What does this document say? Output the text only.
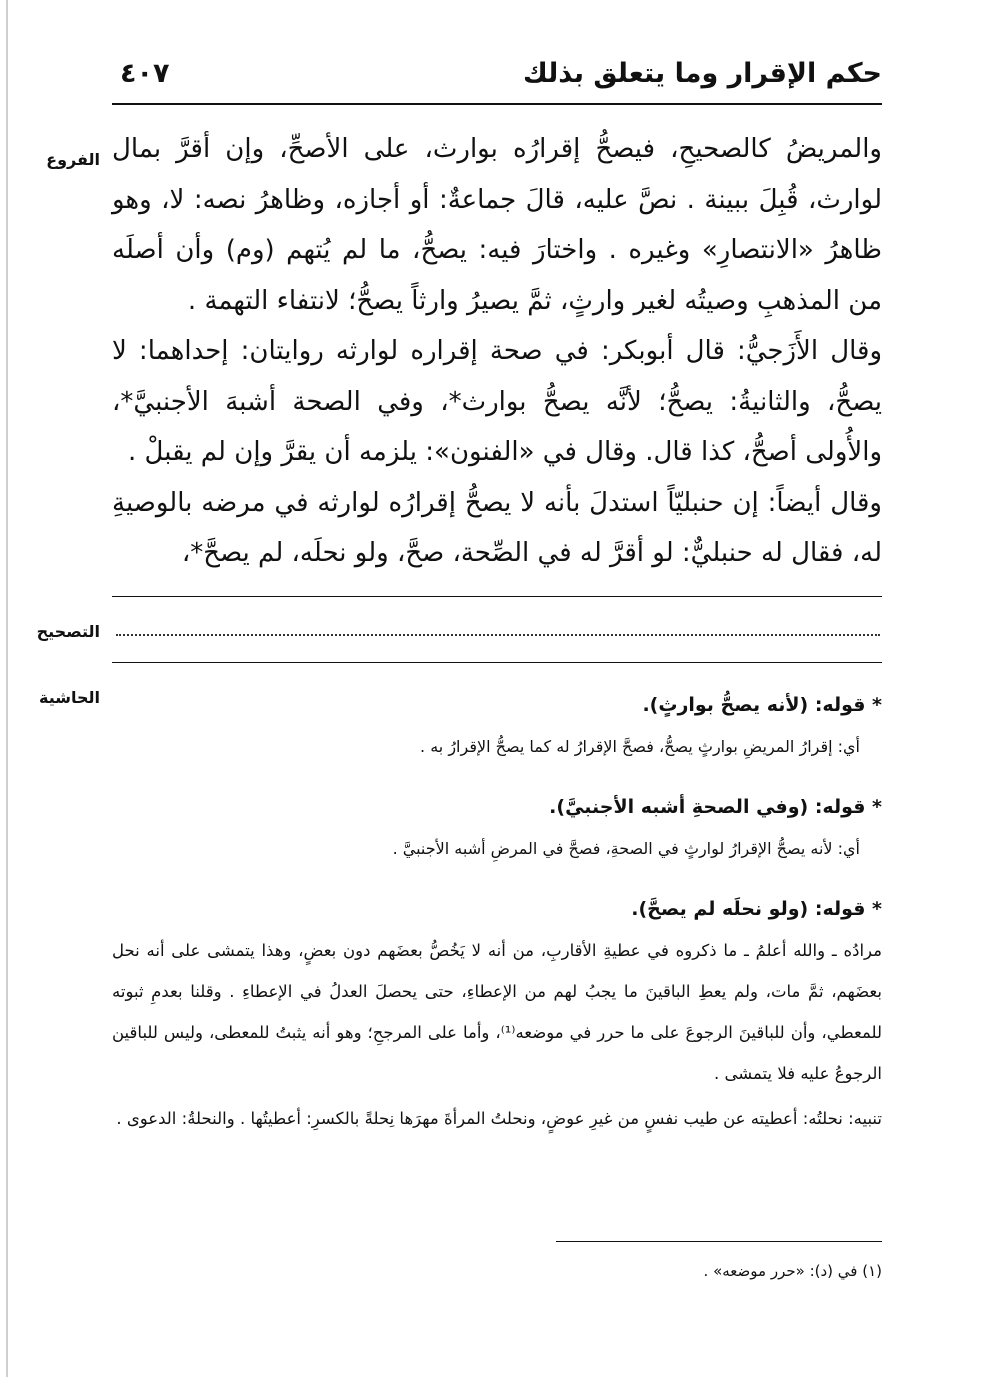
حكم الإقرار وما يتعلق بذلك
٤٠٧
الفروع
التصحيح
الحاشية

والمريضُ كالصحيحِ، فيصحُّ إقرارُه بوارث، على الأصحِّ، وإن أقرَّ بمال لوارث، قُبِلَ ببينة . نصَّ عليه، قالَ جماعةٌ: أو أجازه، وظاهرُ نصه: لا، وهو ظاهرُ «الانتصارِ» وغيره . واختارَ فيه: يصحُّ، ما لم يُتهم (وم) وأن أصلَه من المذهبِ وصيتُه لغير وارثٍ، ثمَّ يصيرُ وارثاً يصحُّ؛ لانتفاء التهمة .

وقال الأَزَجيُّ: قال أبوبكر: في صحة إقراره لوارثه روايتان: إحداهما: لا يصحُّ، والثانيةُ: يصحُّ؛ لأنَّه يصحُّ بوارث*، وفي الصحة أشبهَ الأجنبيَّ*، والأُولى أصحُّ، كذا قال. وقال في «الفنون»: يلزمه أن يقرَّ وإن لم يقبلْ .

وقال أيضاً: إن حنبليّاً استدلَ بأنه لا يصحُّ إقرارُه لوارثه في مرضه بالوصيةِ له، فقال له حنبليٌّ: لو أقرَّ له في الصِّحة، صحَّ، ولو نحلَه، لم يصحَّ*،

* قوله: (لأنه يصحُّ بوارثٍ).

أي: إقرارُ المريضِ بوارثٍ يصحُّ، فصحَّ الإقرارُ له كما يصحُّ الإقرارُ به .

* قوله: (وفي الصحةِ أشبه الأجنبيَّ).

أي: لأنه يصحُّ الإقرارُ لوارثٍ في الصحةِ، فصحَّ في المرضِ أشبه الأجنبيَّ .

* قوله: (ولو نحلَه لم يصحَّ).

مرادُه ـ والله أعلمُ ـ ما ذكروه في عطيةِ الأقاربِ، من أنه لا يَخُصُّ بعضَهم دون بعضٍ، وهذا يتمشى على أنه نحل بعضَهم، ثمَّ مات، ولم يعطِ الباقينَ ما يجبُ لهم من الإعطاءِ، حتى يحصلَ العدلُ في الإعطاءِ . وقلنا بعدمِ ثبوته للمعطي، وأن للباقينَ الرجوعَ على ما حرر في موضعه⁽¹⁾، وأما على المرجحِ؛ وهو أنه يثبتُ للمعطى، وليس للباقين الرجوعُ عليه فلا يتمشى .

تنبيه: نحلتُه: أعطيته عن طيب نفسٍ من غيرِ عوضٍ، ونحلتُ المرأةَ مهرَها نِحلةً بالكسرِ: أعطيتُها . والنحلةُ: الدعوى .

(١) في (د): «حرر موضعه» .
